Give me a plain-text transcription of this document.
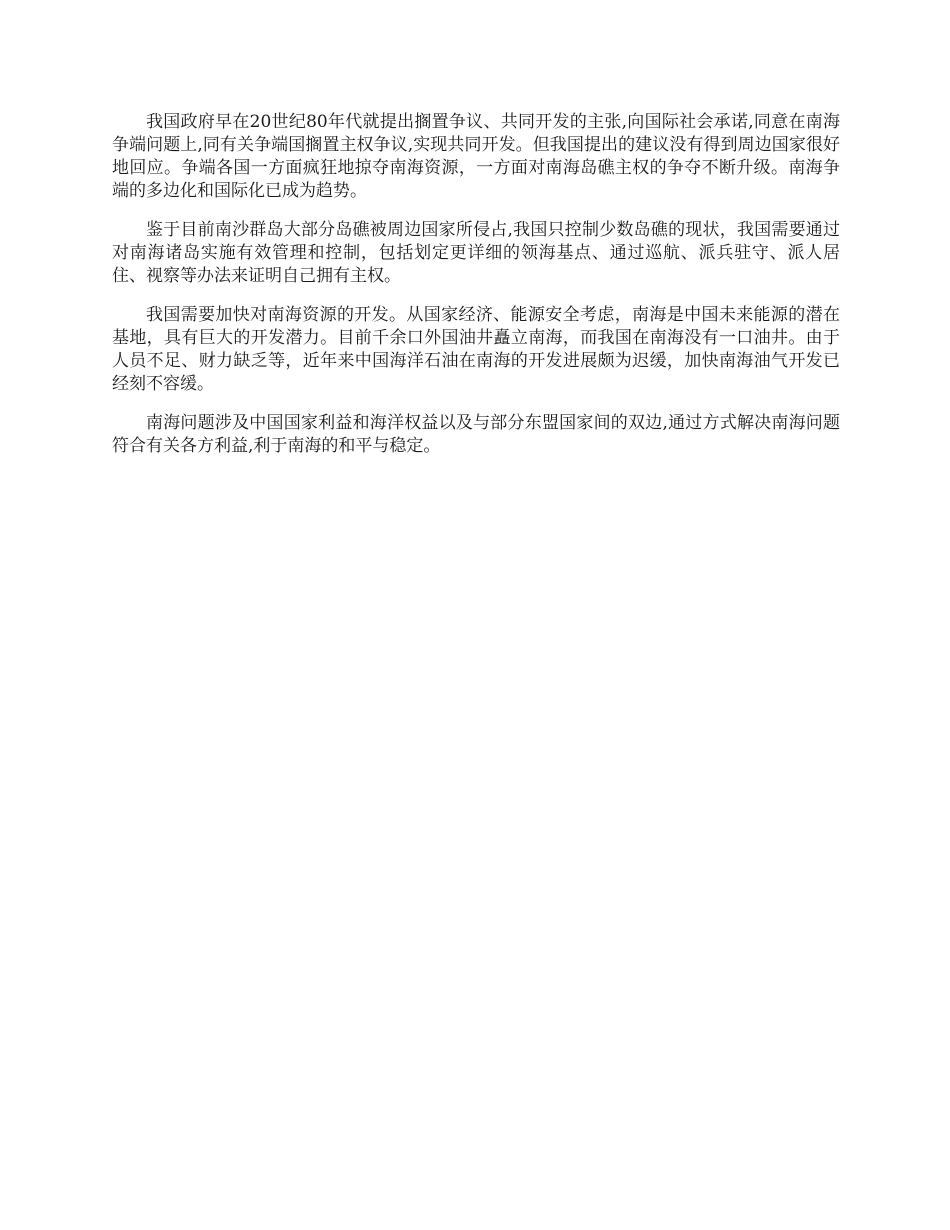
我国政府早在20世纪80年代就提出搁置争议、共同开发的主张,向国际社会承诺,同意在南海争端问题上,同有关争端国搁置主权争议,实现共同开发。但我国提出的建议没有得到周边国家很好地回应。争端各国一方面疯狂地掠夺南海资源，一方面对南海岛礁主权的争夺不断升级。南海争端的多边化和国际化已成为趋势。

鉴于目前南沙群岛大部分岛礁被周边国家所侵占,我国只控制少数岛礁的现状，我国需要通过对南海诸岛实施有效管理和控制，包括划定更详细的领海基点、通过巡航、派兵驻守、派人居住、视察等办法来证明自己拥有主权。

我国需要加快对南海资源的开发。从国家经济、能源安全考虑，南海是中国未来能源的潜在基地，具有巨大的开发潜力。目前千余口外国油井矗立南海，而我国在南海没有一口油井。由于人员不足、财力缺乏等，近年来中国海洋石油在南海的开发进展颇为迟缓，加快南海油气开发已经刻不容缓。

南海问题涉及中国国家利益和海洋权益以及与部分东盟国家间的双边,通过方式解决南海问题符合有关各方利益,利于南海的和平与稳定。
